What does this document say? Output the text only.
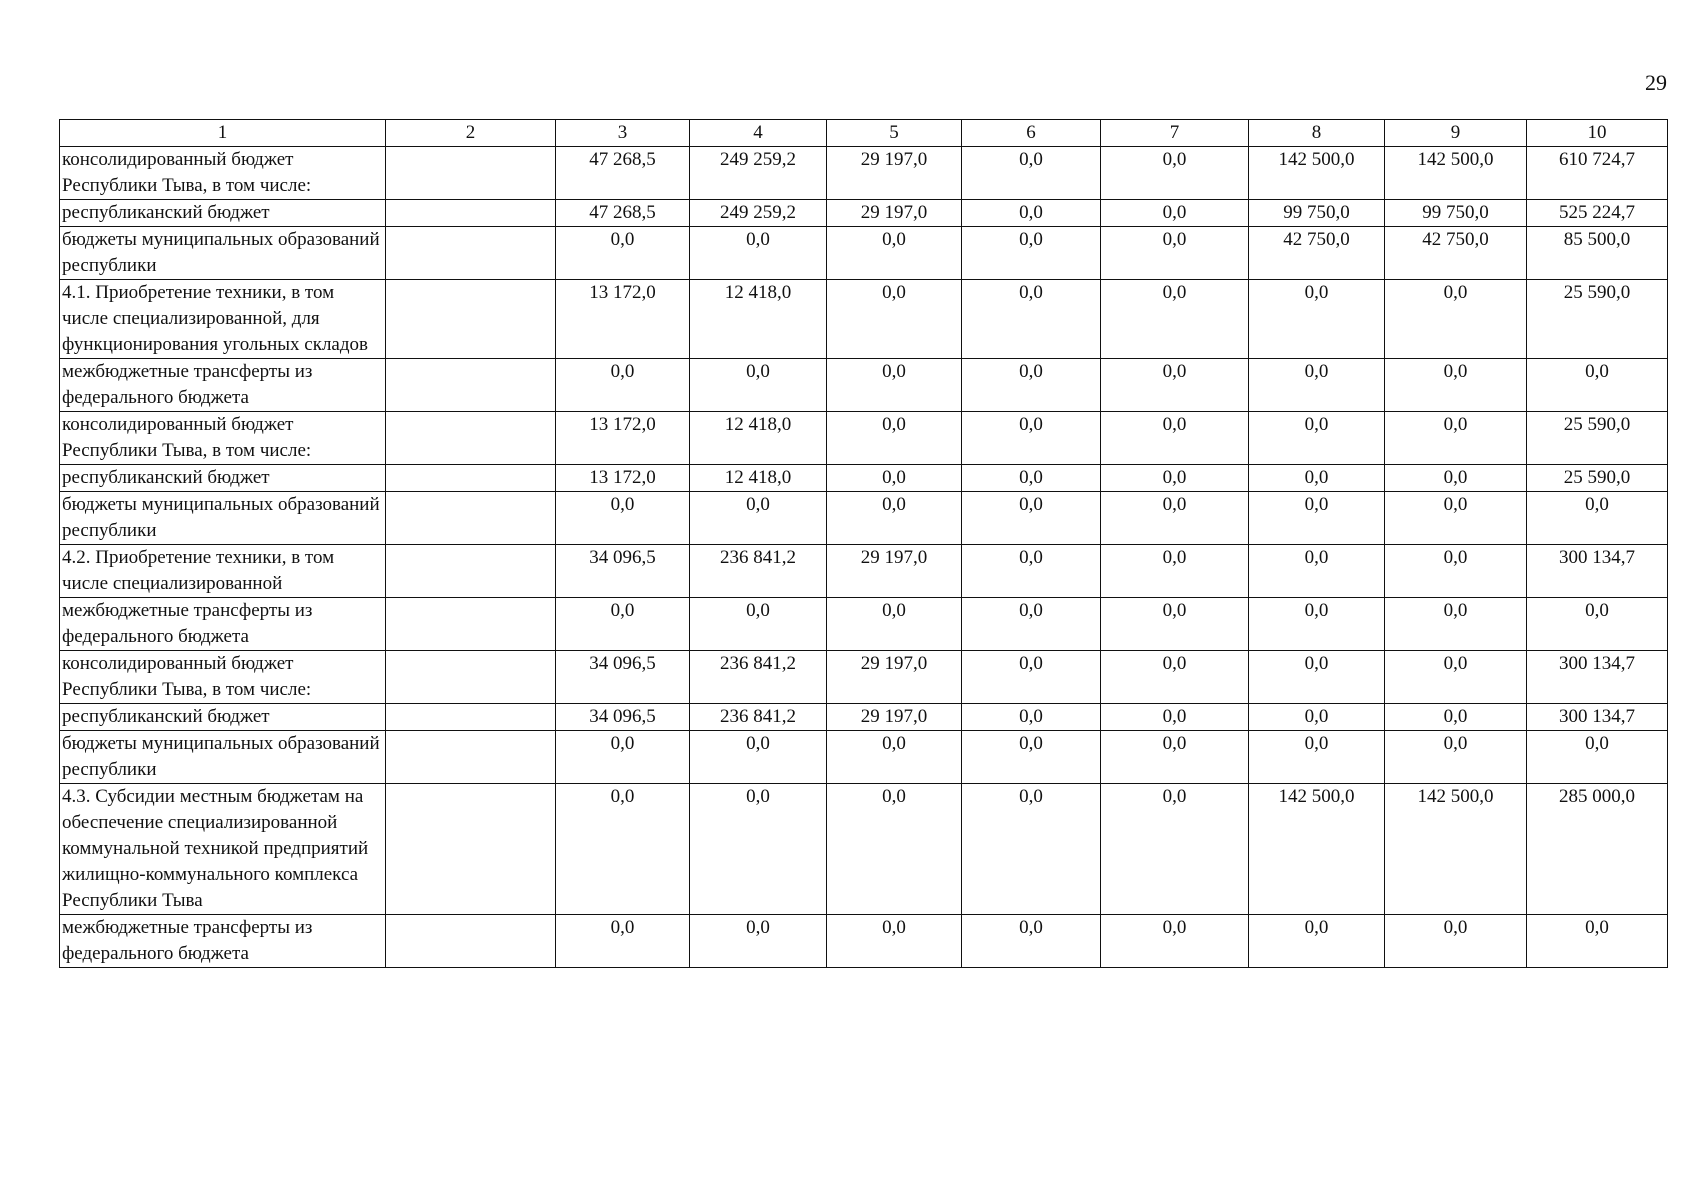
29
1	2	3	4	5	6	7	8	9	10
консолидированный бюджет Республики Тыва, в том числе:		47 268,5	249 259,2	29 197,0	0,0	0,0	142 500,0	142 500,0	610 724,7
республиканский бюджет		47 268,5	249 259,2	29 197,0	0,0	0,0	99 750,0	99 750,0	525 224,7
бюджеты муниципальных образований республики		0,0	0,0	0,0	0,0	0,0	42 750,0	42 750,0	85 500,0
4.1. Приобретение техники, в том числе специализированной, для функционирования угольных складов		13 172,0	12 418,0	0,0	0,0	0,0	0,0	0,0	25 590,0
межбюджетные трансферты из федерального бюджета		0,0	0,0	0,0	0,0	0,0	0,0	0,0	0,0
консолидированный бюджет Республики Тыва, в том числе:		13 172,0	12 418,0	0,0	0,0	0,0	0,0	0,0	25 590,0
республиканский бюджет		13 172,0	12 418,0	0,0	0,0	0,0	0,0	0,0	25 590,0
бюджеты муниципальных образований республики		0,0	0,0	0,0	0,0	0,0	0,0	0,0	0,0
4.2. Приобретение техники, в том числе специализированной		34 096,5	236 841,2	29 197,0	0,0	0,0	0,0	0,0	300 134,7
межбюджетные трансферты из федерального бюджета		0,0	0,0	0,0	0,0	0,0	0,0	0,0	0,0
консолидированный бюджет Республики Тыва, в том числе:		34 096,5	236 841,2	29 197,0	0,0	0,0	0,0	0,0	300 134,7
республиканский бюджет		34 096,5	236 841,2	29 197,0	0,0	0,0	0,0	0,0	300 134,7
бюджеты муниципальных образований республики		0,0	0,0	0,0	0,0	0,0	0,0	0,0	0,0
4.3. Субсидии местным бюджетам на обеспечение специализированной коммунальной техникой предприятий жилищно-коммунального комплекса Республики Тыва		0,0	0,0	0,0	0,0	0,0	142 500,0	142 500,0	285 000,0
межбюджетные трансферты из федерального бюджета		0,0	0,0	0,0	0,0	0,0	0,0	0,0	0,0
